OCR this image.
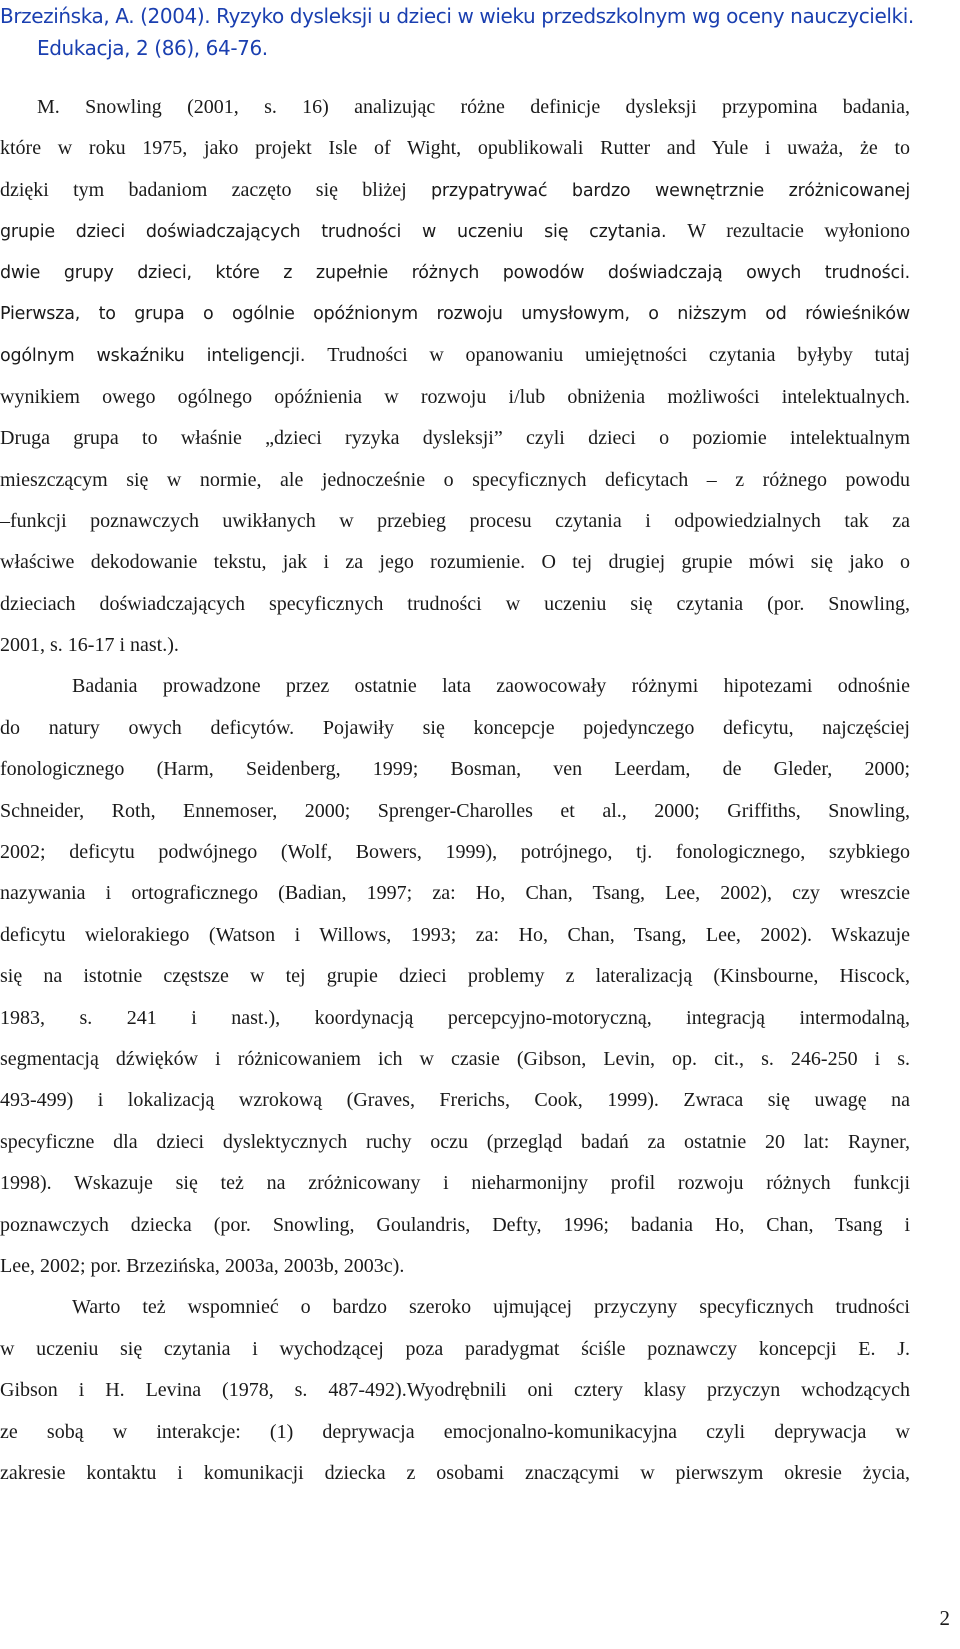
Brzezińska, A. (2004). Ryzyko dysleksji u dzieci w wieku przedszkolnym wg oceny nauczycielki.
Edukacja, 2 (86), 64-76.
M. Snowling (2001, s. 16) analizując różne definicje dysleksji przypomina badania,
które w roku 1975, jako projekt Isle of Wight, opublikowali Rutter and Yule i uważa, że to
dzięki tym badaniom zaczęto się bliżej przypatrywać bardzo wewnętrznie zróżnicowanej
grupie dzieci doświadczających trudności w uczeniu się czytania. W rezultacie wyłoniono
dwie grupy dzieci, które z zupełnie różnych powodów doświadczają owych trudności.
Pierwsza, to grupa o ogólnie opóźnionym rozwoju umysłowym, o niższym od rówieśników
ogólnym wskaźniku inteligencji. Trudności w opanowaniu umiejętności czytania byłyby tutaj
wynikiem owego ogólnego opóźnienia w rozwoju i/lub obniżenia możliwości intelektualnych.
Druga grupa to właśnie „dzieci ryzyka dysleksji” czyli dzieci o poziomie intelektualnym
mieszczącym się w normie, ale jednocześnie o specyficznych deficytach – z różnego powodu
–funkcji poznawczych uwikłanych w przebieg procesu czytania i odpowiedzialnych tak za
właściwe dekodowanie tekstu, jak i za jego rozumienie. O tej drugiej grupie mówi się jako o
dzieciach doświadczających specyficznych trudności w uczeniu się czytania (por. Snowling,
2001, s. 16-17 i nast.).
Badania prowadzone przez ostatnie lata zaowocowały różnymi hipotezami odnośnie
do natury owych deficytów. Pojawiły się koncepcje pojedynczego deficytu, najczęściej
fonologicznego (Harm, Seidenberg, 1999; Bosman, ven Leerdam, de Gleder, 2000;
Schneider, Roth, Ennemoser, 2000; Sprenger-Charolles et al., 2000; Griffiths, Snowling,
2002; deficytu podwójnego (Wolf, Bowers, 1999), potrójnego, tj. fonologicznego, szybkiego
nazywania i ortograficznego (Badian, 1997; za: Ho, Chan, Tsang, Lee, 2002), czy wreszcie
deficytu wielorakiego (Watson i Willows, 1993; za: Ho, Chan, Tsang, Lee, 2002). Wskazuje
się na istotnie częstsze w tej grupie dzieci problemy z lateralizacją (Kinsbourne, Hiscock,
1983, s. 241 i nast.), koordynacją percepcyjno-motoryczną, integracją intermodalną,
segmentacją dźwięków i różnicowaniem ich w czasie (Gibson, Levin, op. cit., s. 246-250 i s.
493-499) i lokalizacją wzrokową (Graves, Frerichs, Cook, 1999). Zwraca się uwagę na
specyficzne dla dzieci dyslektycznych ruchy oczu (przegląd badań za ostatnie 20 lat: Rayner,
1998). Wskazuje się też na zróżnicowany i nieharmonijny profil rozwoju różnych funkcji
poznawczych dziecka (por. Snowling, Goulandris, Defty, 1996; badania Ho, Chan, Tsang i
Lee, 2002; por. Brzezińska, 2003a, 2003b, 2003c).
Warto też wspomnieć o bardzo szeroko ujmującej przyczyny specyficznych trudności
w uczeniu się czytania i wychodzącej poza paradygmat ściśle poznawczy koncepcji E. J.
Gibson i H. Levina (1978, s. 487-492).Wyodrębnili oni cztery klasy przyczyn wchodzących
ze sobą w interakcje: (1) deprywacja emocjonalno-komunikacyjna czyli deprywacja w
zakresie kontaktu i komunikacji dziecka z osobami znaczącymi w pierwszym okresie życia,
2
